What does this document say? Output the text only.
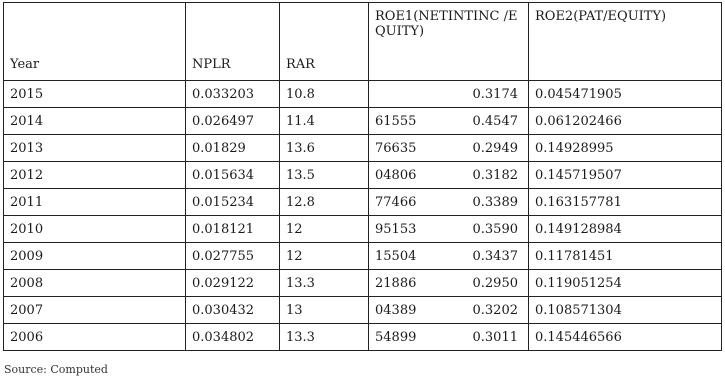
Year	NPLR	RAR	ROE1(NETINTINC /E QUITY)	ROE2(PAT/EQUITY)
2015	0.033203	10.8	0.3174	0.045471905
2014	0.026497	11.4	61555 0.4547	0.061202466
2013	0.01829	13.6	76635 0.2949	0.14928995
2012	0.015634	13.5	04806 0.3182	0.145719507
2011	0.015234	12.8	77466 0.3389	0.163157781
2010	0.018121	12	95153 0.3590	0.149128984
2009	0.027755	12	15504 0.3437	0.11781451
2008	0.029122	13.3	21886 0.2950	0.119051254
2007	0.030432	13	04389 0.3202	0.108571304
2006	0.034802	13.3	54899 0.3011	0.145446566
Source: Computed
